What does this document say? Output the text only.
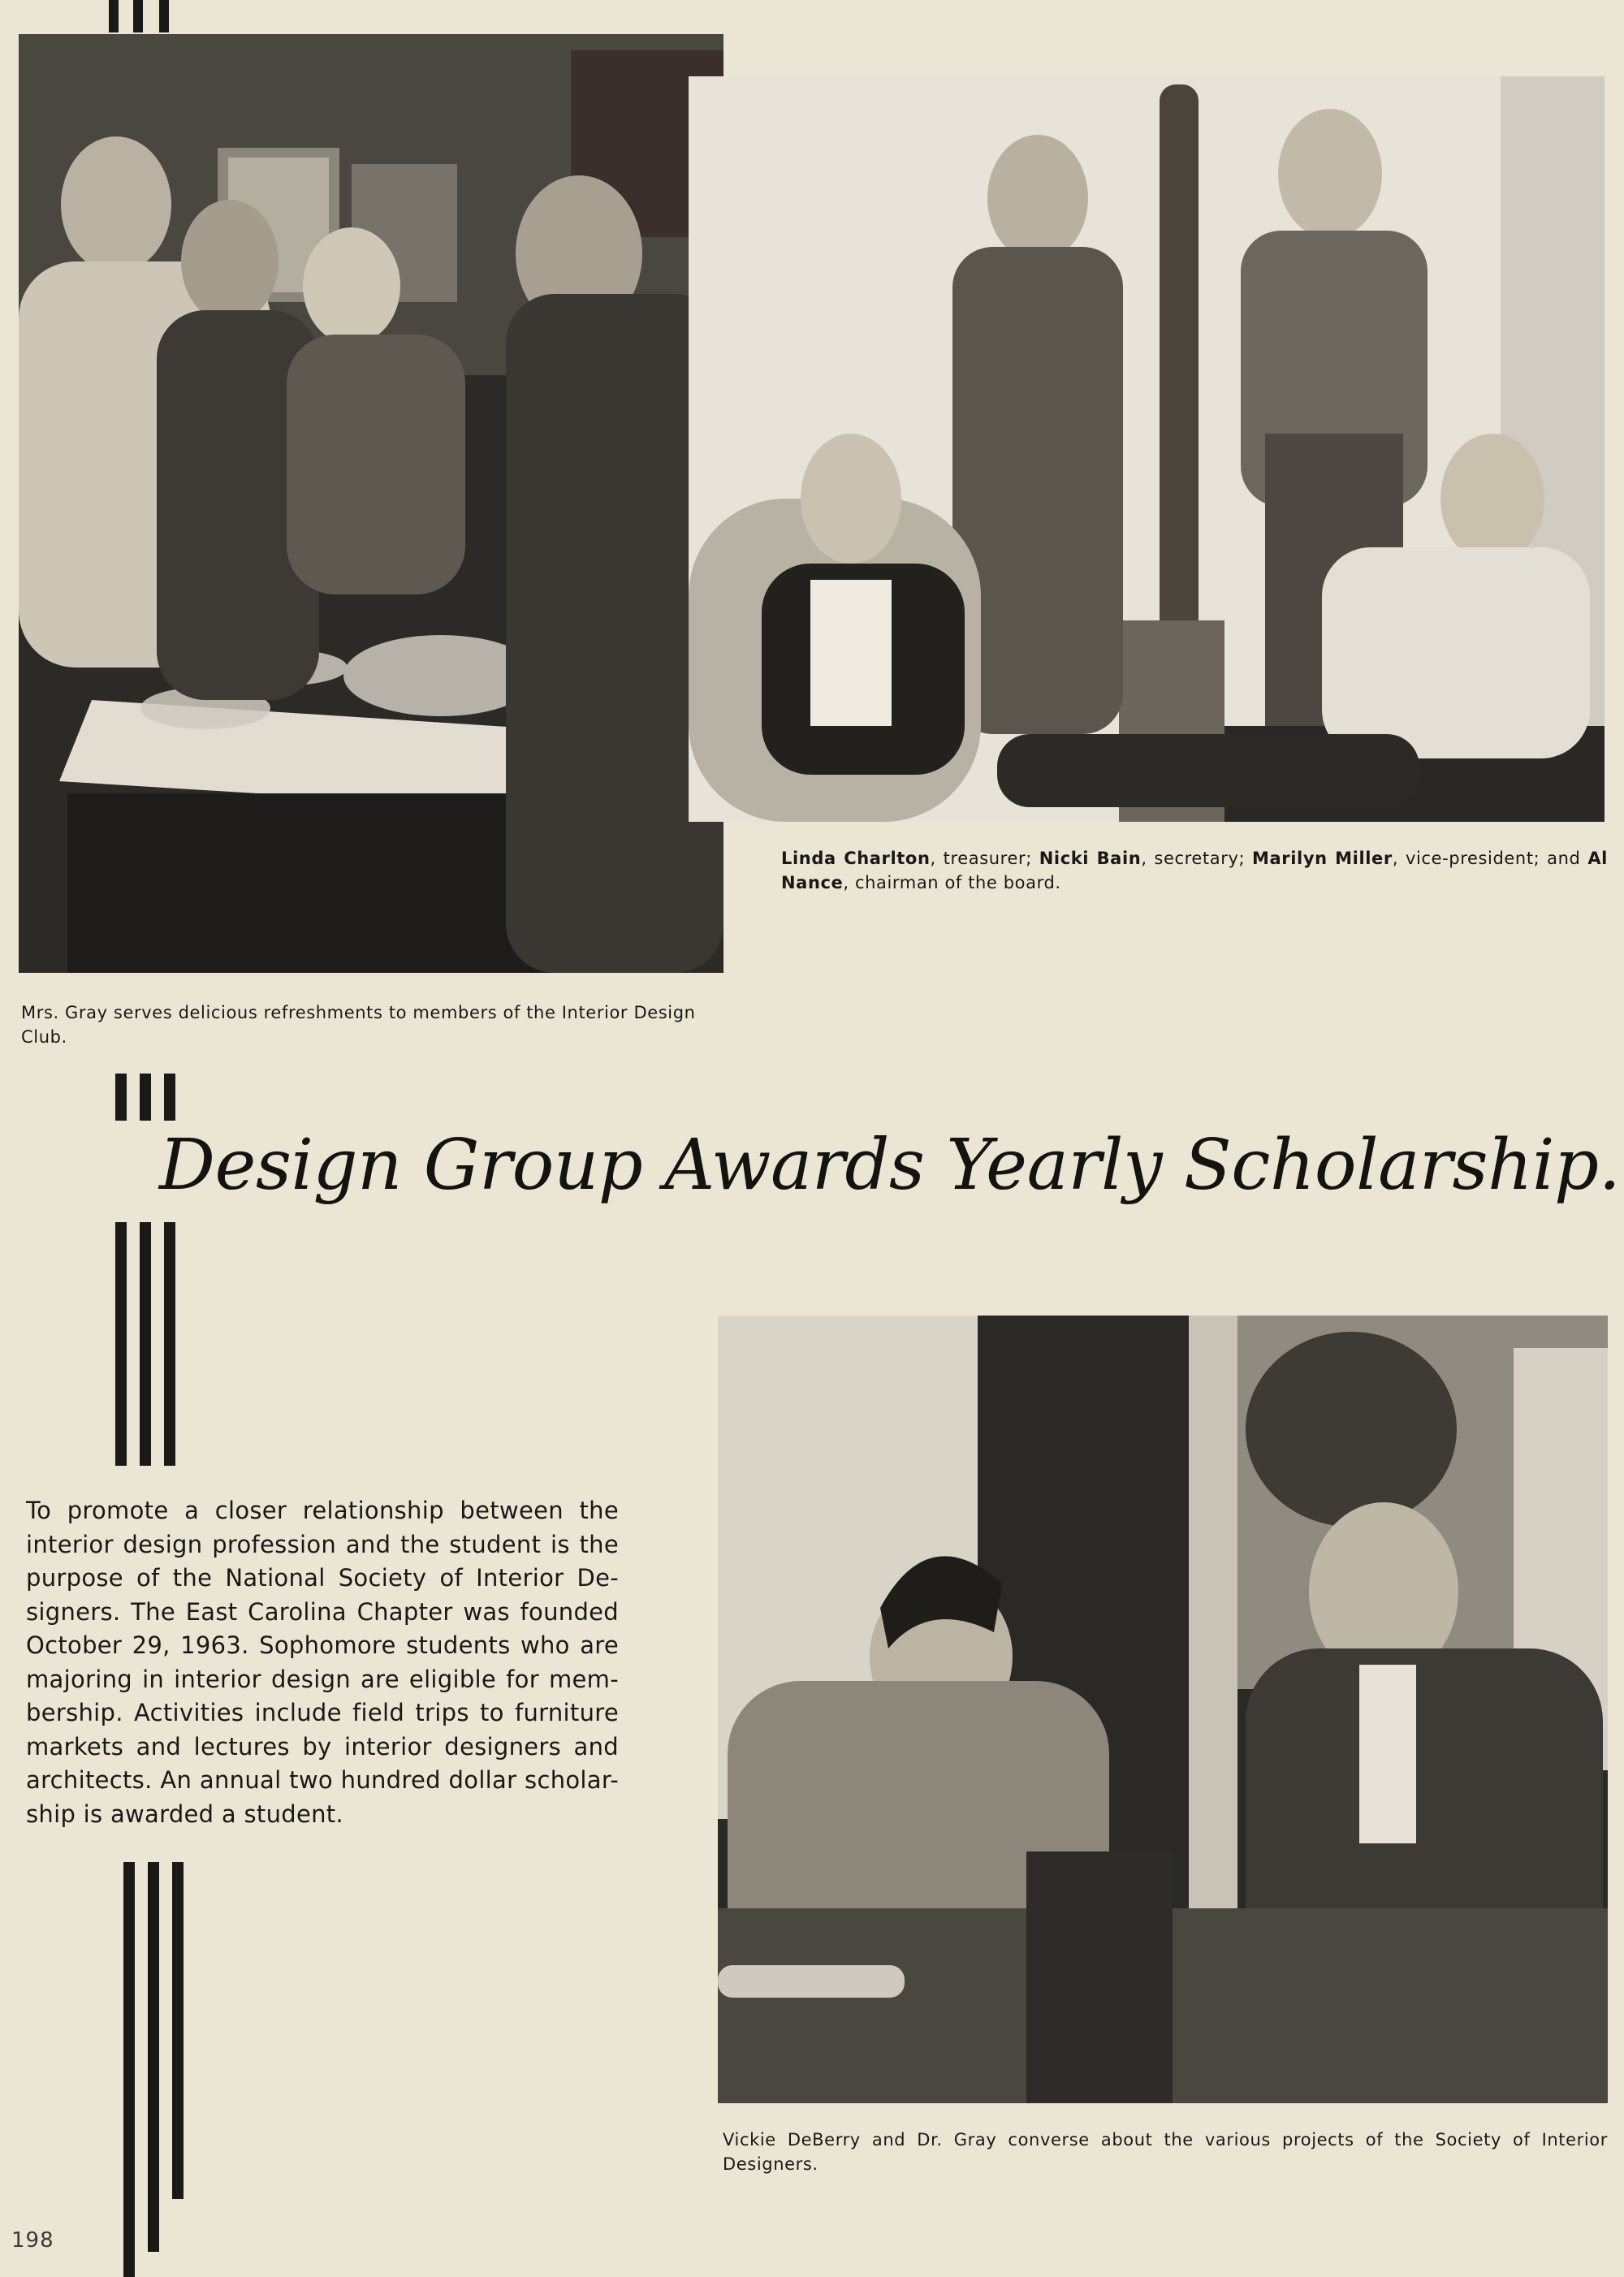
Linda Charlton, treasurer; Nicki Bain, secretary; Marilyn Miller, vice-president; and Al Nance, chairman of the board.
Mrs. Gray serves delicious refreshments to members of the Interior Design Club.
Design Group Awards Yearly Scholarship.
To promote a closer relationship between the interior design profession and the student is the purpose of the National Society of Interior De-signers. The East Carolina Chapter was founded October 29, 1963. Sophomore students who are majoring in interior design are eligible for mem-bership. Activities include field trips to furniture markets and lectures by interior designers and architects. An annual two hundred dollar scholar-ship is awarded a student.
Vickie DeBerry and Dr. Gray converse about the various projects of the Society of Interior Designers.
198
